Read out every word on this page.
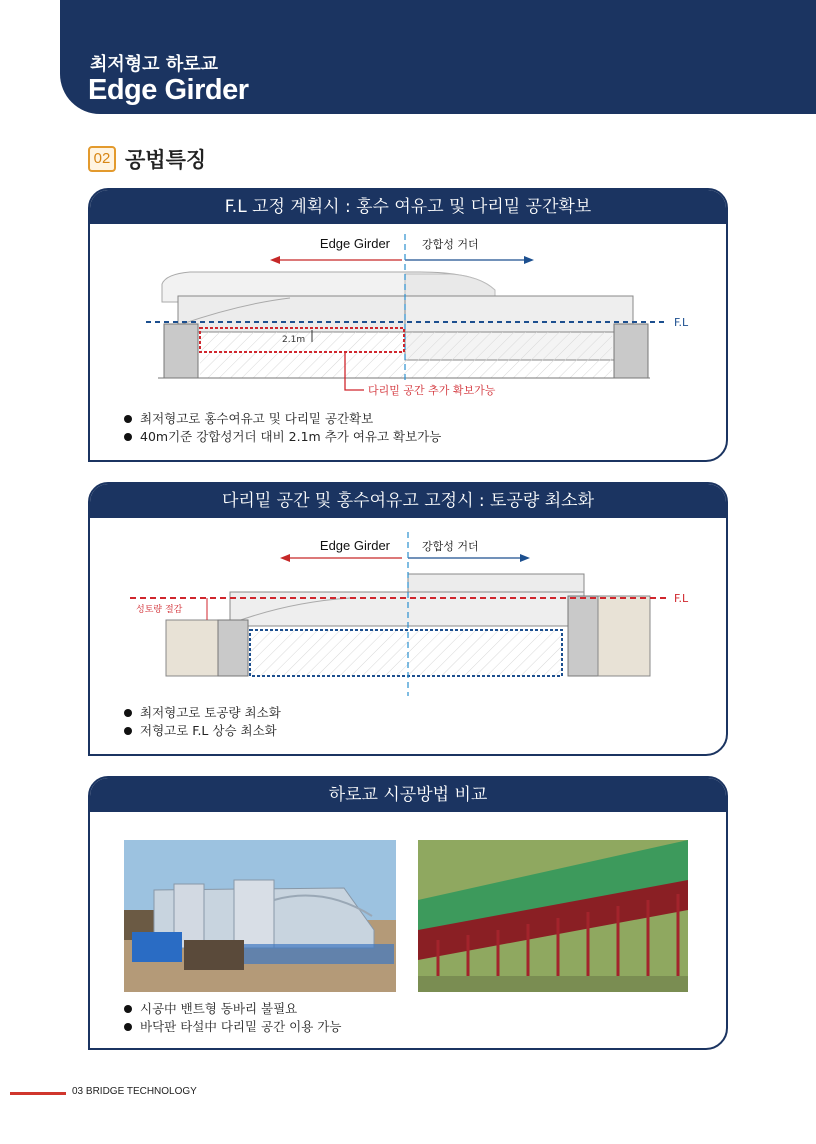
최저형고 하로교
Edge Girder
02 공법특징
F.L 고정 계획시 : 홍수 여유고 및 다리밑 공간확보
Edge Girder	강합성 거더
F.L
2.1m
다리밑 공간 추가 확보가능
최저형고로 홍수여유고 및 다리밑 공간확보
40m기준 강합성거더 대비 2.1m 추가 여유고 확보가능
다리밑 공간 및 홍수여유고 고정시 : 토공량 최소화
Edge Girder	강합성 거더
F.L
성토량 절감
최저형고로 토공량 최소화
저형고로 F.L 상승 최소화
하로교 시공방법 비교
시공中 밴트형 동바리 불필요
바닥판 타설中 다리밑 공간 이용 가능
03 BRIDGE TECHNOLOGY
